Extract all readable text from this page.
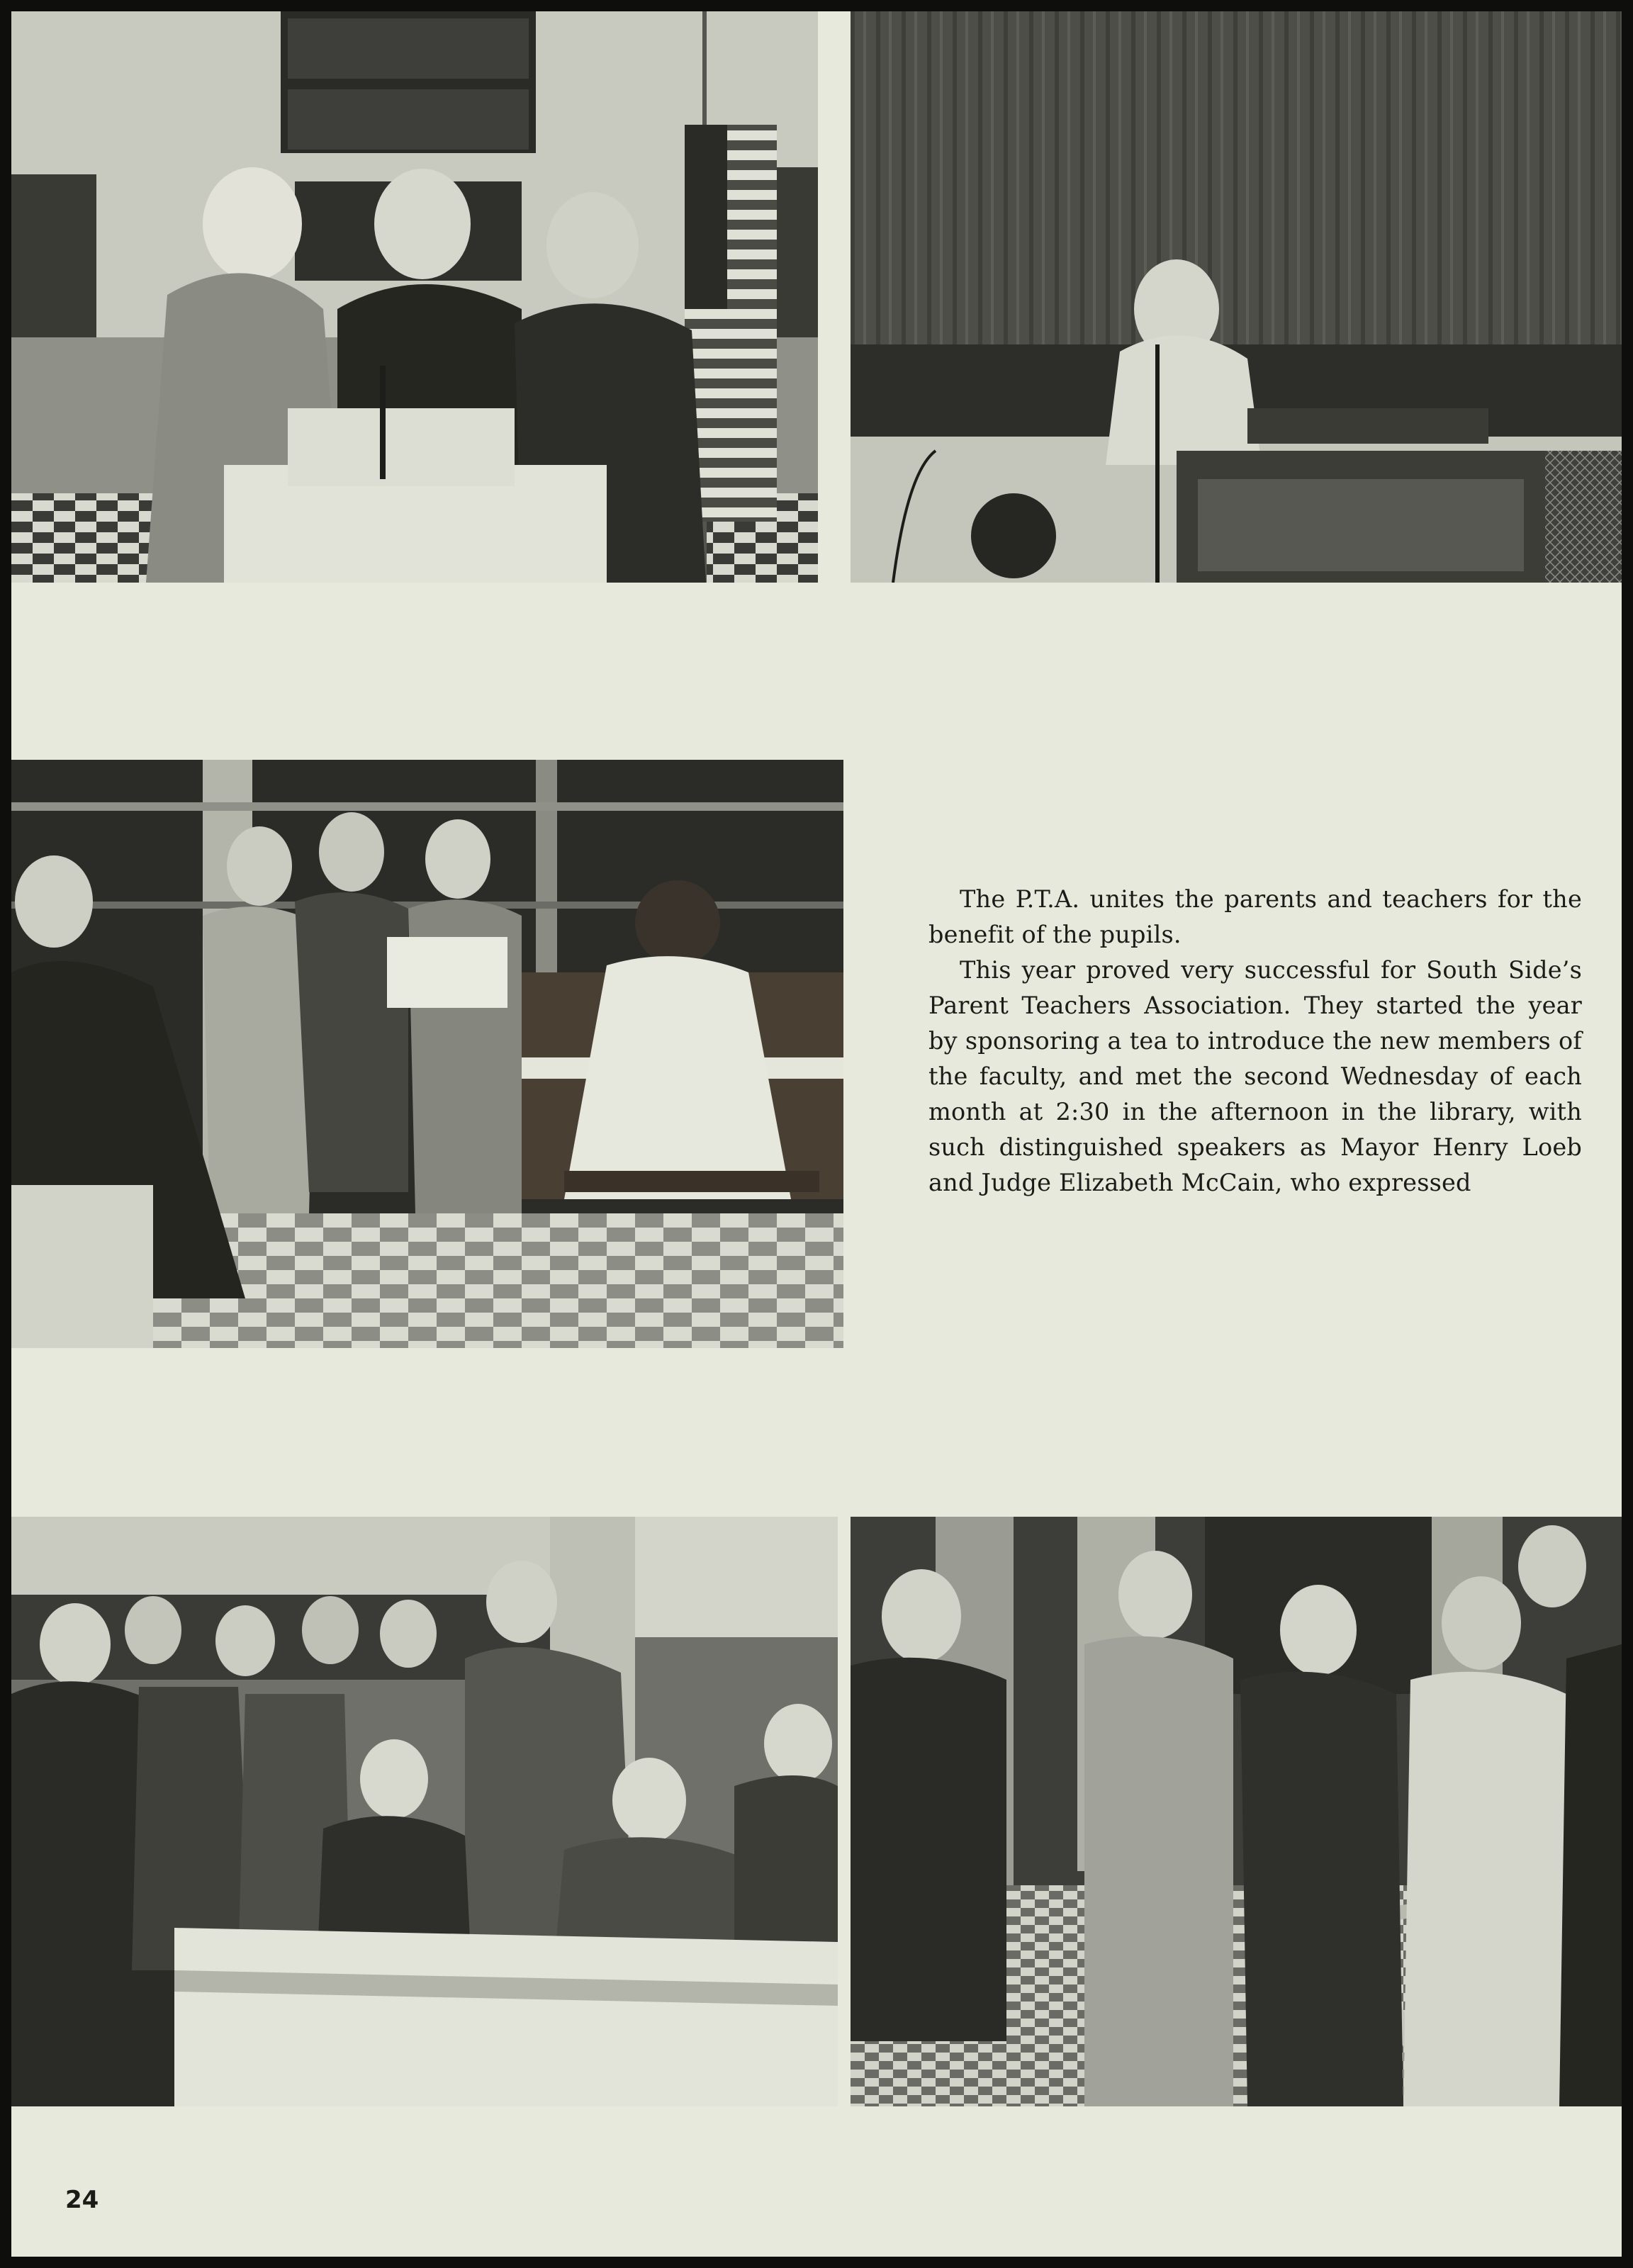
The P.T.A. unites the parents and teachers for the benefit of the pupils.

This year proved very successful for South Side’s Parent Teachers Association. They started the year by sponsoring a tea to introduce the new members of the faculty, and met the second Wednesday of each month at 2:30 in the afternoon in the library, with such distinguished speakers as Mayor Henry Loeb and Judge Elizabeth McCain, who expressed

24
